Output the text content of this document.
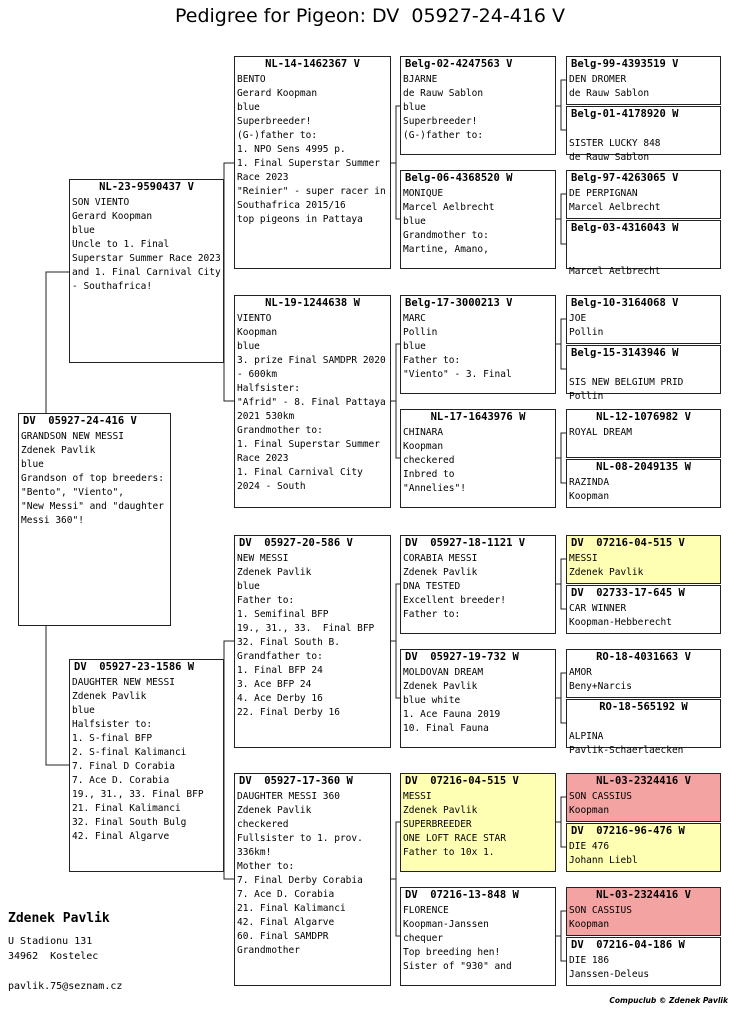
Pedigree for Pigeon: DV  05927-24-416 V
DV  05927-24-416 V
GRANDSON NEW MESSI
Zdenek Pavlik
blue
Grandson of top breeders:
"Bento", "Viento",
"New Messi" and "daughter Messi 360"!
NL-23-9590437 V
SON VIENTO
Gerard Koopman
blue
Uncle to 1. Final Superstar Summer Race 2023 and 1. Final Carnival City - Southafrica!
DV  05927-23-1586 W
DAUGHTER NEW MESSI
Zdenek Pavlik
blue
Halfsister to:
1. S-final BFP
2. S-final Kalimanci
7. Final D Corabia
7. Ace D. Corabia
19., 31., 33. Final BFP
21. Final Kalimanci
32. Final South Bulg
42. Final Algarve
NL-14-1462367 V
BENTO
Gerard Koopman
blue
Superbreeder!
(G-)father to:
1. NPO Sens 4995 p.
1. Final Superstar Summer Race 2023
"Reinier" - super racer in Southafrica 2015/16
top pigeons in Pattaya
NL-19-1244638 W
VIENTO
Koopman
blue
3. prize Final SAMDPR 2020 - 600km
Halfsister:
"Afrid" - 8. Final Pattaya 2021 530km
Grandmother to:
1. Final Superstar Summer Race 2023
1. Final Carnival City 2024 - South
DV  05927-20-586 V
NEW MESSI
Zdenek Pavlik
blue
Father to:
1. Semifinal BFP
19., 31., 33.  Final BFP
32. Final South B.
Grandfather to:
1. Final BFP 24
3. Ace BFP 24
4. Ace Derby 16
22. Final Derby 16
DV  05927-17-360 W
DAUGHTER MESSI 360
Zdenek Pavlik
checkered
Fullsister to 1. prov. 336km!
Mother to:
7. Final Derby Corabia
7. Ace D. Corabia
21. Final Kalimanci
42. Final Algarve
60. Final SAMDPR
Grandmother
Belg-02-4247563 V
BJARNE
de Rauw Sablon
blue
Superbreeder!
(G-)father to:
Belg-06-4368520 W
MONIQUE
Marcel Aelbrecht
blue
Grandmother to:
Martine, Amano,
Belg-17-3000213 V
MARC
Pollin
blue
Father to:
"Viento" - 3. Final
NL-17-1643976 W
CHINARA
Koopman
checkered
Inbred to
"Annelies"!
DV  05927-18-1121 V
CORABIA MESSI
Zdenek Pavlik
DNA TESTED
Excellent breeder!
Father to:
DV  05927-19-732 W
MOLDOVAN DREAM
Zdenek Pavlik
blue white
1. Ace Fauna 2019
10. Final Fauna
DV  07216-04-515 V
MESSI
Zdenek Pavlik
SUPERBREEDER
ONE LOFT RACE STAR
Father to 10x 1.
DV  07216-13-848 W
FLORENCE
Koopman-Janssen
chequer
Top breeding hen!
Sister of "930" and
Belg-99-4393519 V
DEN DROMER
de Rauw Sablon
Belg-01-4178920 W

SISTER LUCKY 848
de Rauw Sablon
Belg-97-4263065 V
DE PERPIGNAN
Marcel Aelbrecht
Belg-03-4316043 W

Marcel Aelbrecht
Belg-10-3164068 V
JOE
Pollin
Belg-15-3143946 W

SIS NEW BELGIUM PRID
Pollin
NL-12-1076982 V
ROYAL DREAM
NL-08-2049135 W
RAZINDA
Koopman
DV  07216-04-515 V
MESSI
Zdenek Pavlik
DV  02733-17-645 W
CAR WINNER
Koopman-Hebberecht
RO-18-4031663 V
AMOR
Beny+Narcis
RO-18-565192 W

ALPINA
Pavlik-Schaerlaecken
NL-03-2324416 V
SON CASSIUS
Koopman
DV  07216-96-476 W
DIE 476
Johann Liebl
NL-03-2324416 V
SON CASSIUS
Koopman
DV  07216-04-186 W
DIE 186
Janssen-Deleus
Zdenek Pavlik
U Stadionu 131
34962  Kostelec
pavlik.75@seznam.cz
Compuclub © Zdenek Pavlik
